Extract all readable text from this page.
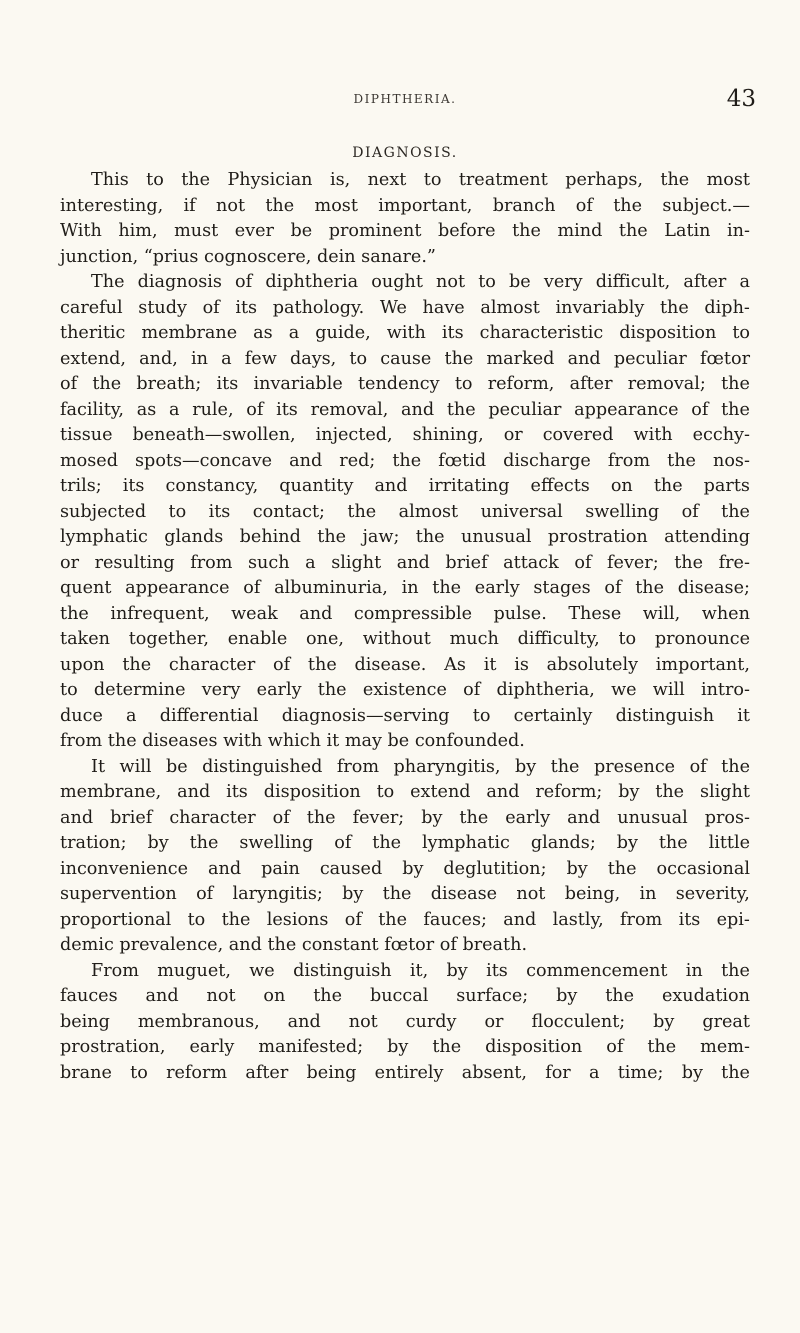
DIPHTHERIA.	43
DIAGNOSIS.
This to the Physician is, next to treatment perhaps, the most
interesting, if not the most important, branch of the subject.—
With him, must ever be prominent before the mind the Latin in-
junction, “prius cognoscere, dein sanare.”
The diagnosis of diphtheria ought not to be very difficult, after a
careful study of its pathology. We have almost invariably the diph-
theritic membrane as a guide, with its characteristic disposition to
extend, and, in a few days, to cause the marked and peculiar fœtor
of the breath; its invariable tendency to reform, after removal; the
facility, as a rule, of its removal, and the peculiar appearance of the
tissue beneath—swollen, injected, shining, or covered with ecchy-
mosed spots—concave and red; the fœtid discharge from the nos-
trils; its constancy, quantity and irritating effects on the parts
subjected to its contact; the almost universal swelling of the
lymphatic glands behind the jaw; the unusual prostration attending
or resulting from such a slight and brief attack of fever; the fre-
quent appearance of albuminuria, in the early stages of the disease;
the infrequent, weak and compressible pulse. These will, when
taken together, enable one, without much difficulty, to pronounce
upon the character of the disease. As it is absolutely important,
to determine very early the existence of diphtheria, we will intro-
duce a differential diagnosis—serving to certainly distinguish it
from the diseases with which it may be confounded.
It will be distinguished from pharyngitis, by the presence of the
membrane, and its disposition to extend and reform; by the slight
and brief character of the fever; by the early and unusual pros-
tration; by the swelling of the lymphatic glands; by the little
inconvenience and pain caused by deglutition; by the occasional
supervention of laryngitis; by the disease not being, in severity,
proportional to the lesions of the fauces; and lastly, from its epi-
demic prevalence, and the constant fœtor of breath.
From muguet, we distinguish it, by its commencement in the
fauces and not on the buccal surface; by the exudation
being membranous, and not curdy or flocculent; by great
prostration, early manifested; by the disposition of the mem-
brane to reform after being entirely absent, for a time; by the
